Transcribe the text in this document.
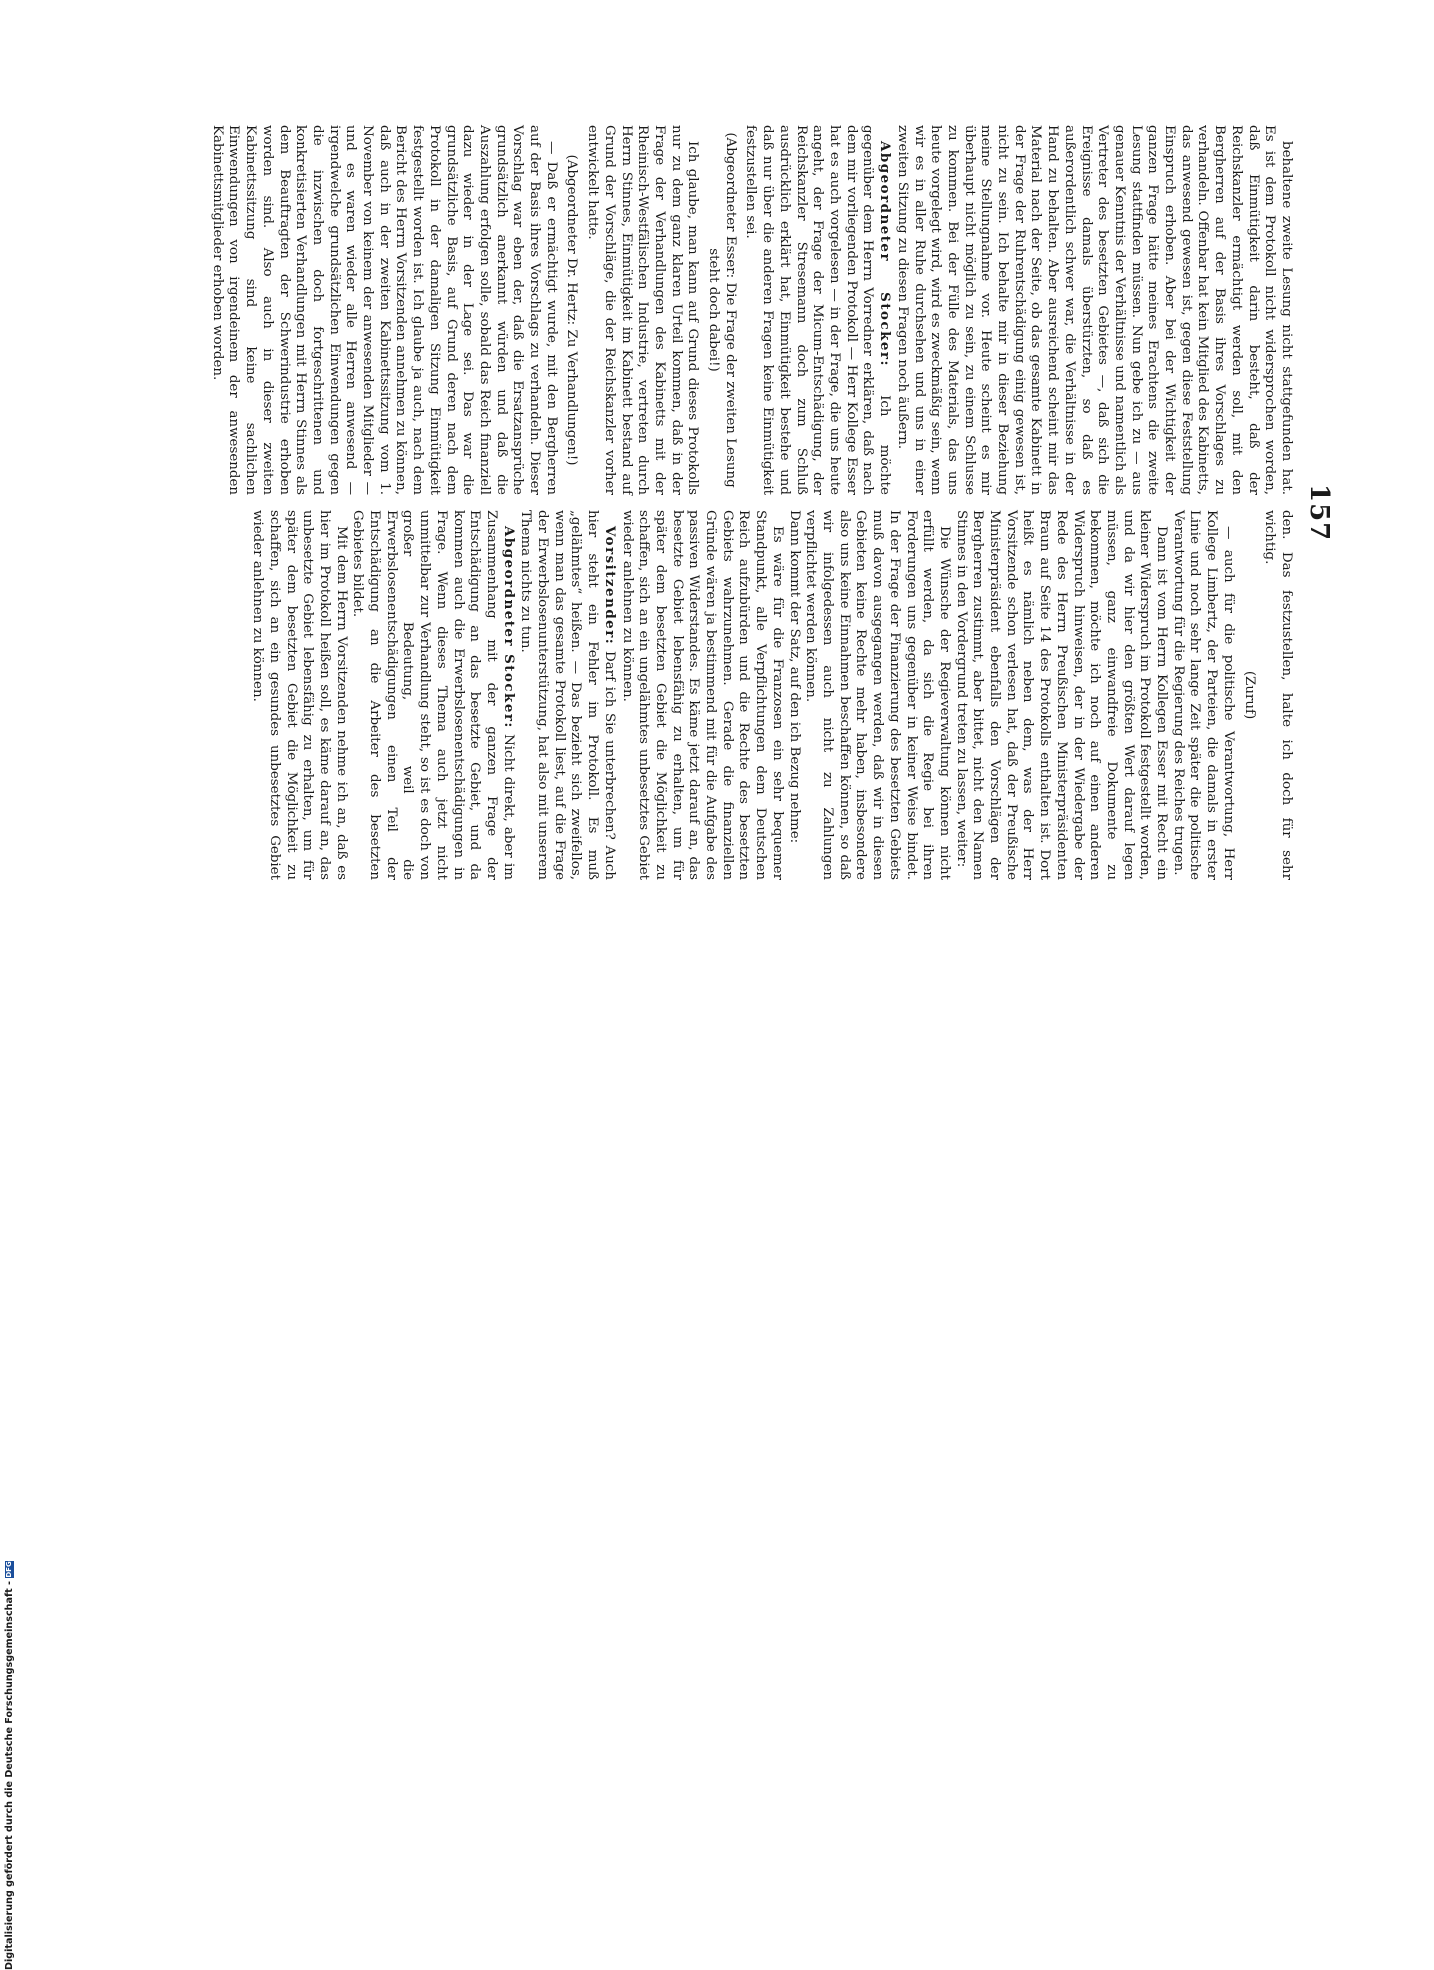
157

behaltene zweite Lesung nicht stattgefunden hat. Es ist dem Protokoll nicht widersprochen worden, daß Einmütigkeit darin besteht, daß der Reichskanzler ermächtigt werden soll, mit den Bergherren auf der Basis ihres Vorschlages zu verhandeln. Offenbar hat kein Mitglied des Kabinetts, das anwesend gewesen ist, gegen diese Feststellung Einspruch erhoben. Aber bei der Wichtigkeit der ganzen Frage hätte meines Erachtens die zweite Lesung stattfinden müssen. Nun gebe ich zu — aus genauer Kenntnis der Verhältnisse und namentlich als Vertreter des besetzten Gebietes —, daß sich die Ereignisse damals überstürzten, so daß es außerordentlich schwer war, die Verhältnisse in der Hand zu behalten. Aber ausreichend scheint mir das Material nach der Seite, ob das gesamte Kabinett in der Frage der Ruhrentschädigung einig gewesen ist, nicht zu sein. Ich behalte mir in dieser Beziehung meine Stellungnahme vor. Heute scheint es mir überhaupt nicht möglich zu sein, zu einem Schlusse zu kommen. Bei der Fülle des Materials, das uns heute vorgelegt wird, wird es zweckmäßig sein, wenn wir es in aller Ruhe durchsehen und uns in einer zweiten Sitzung zu diesen Fragen noch äußern.

Abgeordneter Stocker: Ich möchte gegenüber dem Herrn Vorredner erklären, daß nach dem mir vorliegenden Protokoll — Herr Kollege Esser hat es auch vorgelesen — in der Frage, die uns heute angeht, der Frage der Micum-Entschädigung, der Reichskanzler Stresemann doch zum Schluß ausdrücklich erklärt hat, Einmütigkeit bestehe und daß nur über die anderen Fragen keine Einmütigkeit festzustellen sei.

(Abgeordneter Esser: Die Frage der zweiten Lesung steht doch dabei!)

Ich glaube, man kann auf Grund dieses Protokolls nur zu dem ganz klaren Urteil kommen, daß in der Frage der Verhandlungen des Kabinetts mit der Rheinisch-Westfälischen Industrie, vertreten durch Herrn Stinnes, Einmütigkeit im Kabinett bestand auf Grund der Vorschläge, die der Reichskanzler vorher entwickelt hatte.

(Abgeordneter Dr. Hertz: Zu Verhandlungen!)

— Daß er ermächtigt wurde, mit den Bergherren auf der Basis ihres Vorschlags zu verhandeln. Dieser Vorschlag war eben der, daß die Ersatzansprüche grundsätzlich anerkannt würden und daß die Auszahlung erfolgen solle, sobald das Reich finanziell dazu wieder in der Lage sei. Das war die grundsätzliche Basis, auf Grund deren nach dem Protokoll in der damaligen Sitzung Einmütigkeit festgestellt worden ist. Ich glaube ja auch, nach dem Bericht des Herrn Vorsitzenden annehmen zu können, daß auch in der zweiten Kabinettssitzung vom 1. November von keinem der anwesenden Mitglieder — und es waren wieder alle Herren anwesend — irgendwelche grundsätzlichen Einwendungen gegen die inzwischen doch fortgeschrittenen und konkretisierten Verhandlungen mit Herrn Stinnes als dem Beauftragten der Schwerindustrie erhoben worden sind. Also auch in dieser zweiten Kabinettssitzung sind keine sachlichen Einwendungen von irgendeinem der anwesenden Kabinettsmitglieder erhoben worden.

den. Das festzustellen, halte ich doch für sehr wichtig.

(Zuruf)

— auch für die politische Verantwortung, Herr Kollege Limbertz, der Parteien, die damals in erster Linie und noch sehr lange Zeit später die politische Verantwortung für die Regierung des Reiches trugen.

Dann ist vom Herrn Kollegen Esser mit Recht ein kleiner Widerspruch im Protokoll festgestellt worden, und da wir hier den größten Wert darauf legen müssen, ganz einwandfreie Dokumente zu bekommen, möchte ich noch auf einen anderen Widerspruch hinweisen, der in der Wiedergabe der Rede des Herrn Preußischen Ministerpräsidenten Braun auf Seite 14 des Protokolls enthalten ist. Dort heißt es nämlich neben dem, was der Herr Vorsitzende schon verlesen hat, daß der Preußische Ministerpräsident ebenfalls den Vorschlägen der Bergherren zustimmt, aber bittet, nicht den Namen Stinnes in den Vordergrund treten zu lassen, weiter:

Die Wünsche der Regieverwaltung können nicht erfüllt werden, da sich die Regie bei ihren Forderungen uns gegenüber in keiner Weise bindet. In der Frage der Finanzierung des besetzten Gebiets muß davon ausgegangen werden, daß wir in diesen Gebieten keine Rechte mehr haben, insbesondere also uns keine Einnahmen beschaffen können, so daß wir infolgedessen auch nicht zu Zahlungen verpflichtet werden können.

Dann kommt der Satz, auf den ich Bezug nehme:

Es wäre für die Franzosen ein sehr bequemer Standpunkt, alle Verpflichtungen dem Deutschen Reich aufzubürden und die Rechte des besetzten Gebiets wahrzunehmen. Gerade die finanziellen Gründe wären ja bestimmend mit für die Aufgabe des passiven Widerstandes. Es käme jetzt darauf an, das besetzte Gebiet lebensfähig zu erhalten, um für später dem besetzten Gebiet die Möglichkeit zu schaffen, sich an ein ungelähmtes unbesetztes Gebiet wieder anlehnen zu können.

Vorsitzender: Darf ich Sie unterbrechen? Auch hier steht ein Fehler im Protokoll. Es muß „gelähmtes“ heißen. — Das bezieht sich zweifellos, wenn man das gesamte Protokoll liest, auf die Frage der Erwerbslosenunterstützung, hat also mit unserem Thema nichts zu tun.

Abgeordneter Stocker: Nicht direkt, aber im Zusammenhang mit der ganzen Frage der Entschädigung an das besetzte Gebiet, und da kommen auch die Erwerbslosenentschädigungen in Frage. Wenn dieses Thema auch jetzt nicht unmittelbar zur Verhandlung steht, so ist es doch von großer Bedeutung, weil die Erwerbslosenentschädigungen einen Teil der Entschädigung an die Arbeiter des besetzten Gebietes bildet.

Mit dem Herrn Vorsitzenden nehme ich an, daß es hier im Protokoll heißen soll, es käme darauf an, das unbesetzte Gebiet lebensfähig zu erhalten, um für später dem besetzten Gebiet die Möglichkeit zu schaffen, sich an ein gesundes unbesetztes Gebiet wieder anlehnen zu können.

Digitalisierung gefördert durch die Deutsche Forschungsgemeinschaft -
DFG
